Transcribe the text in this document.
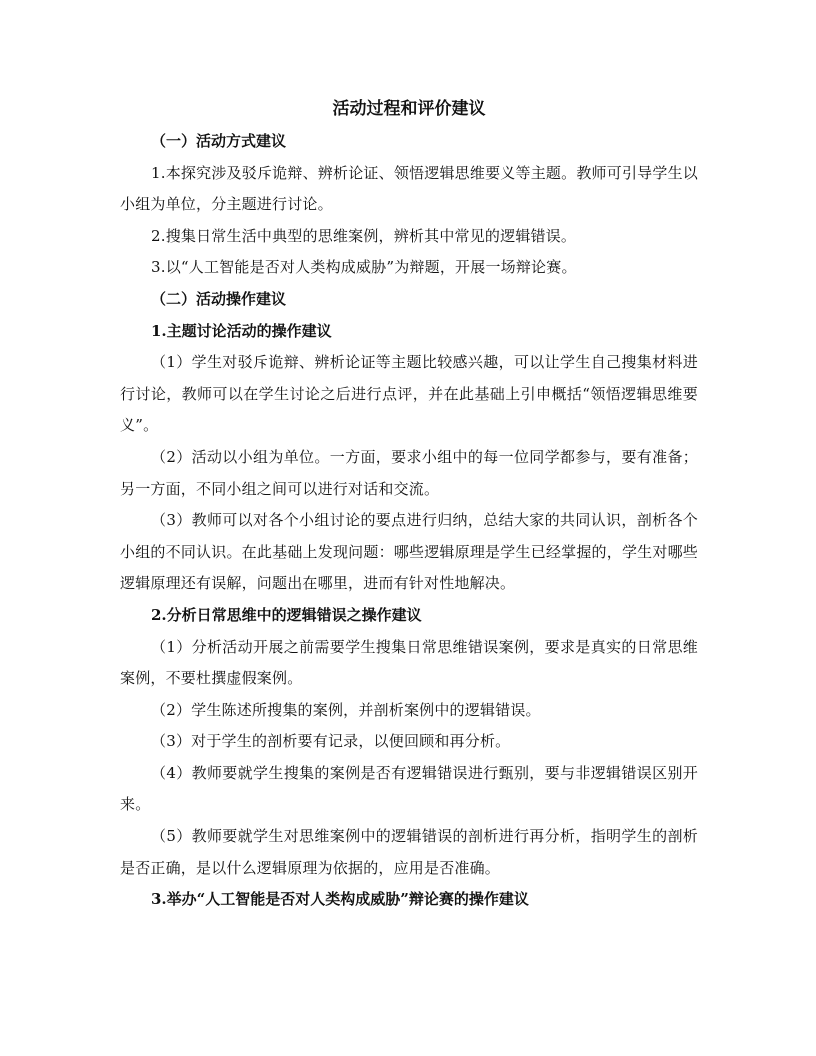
活动过程和评价建议

（一）活动方式建议

1.本探究涉及驳斥诡辩、辨析论证、领悟逻辑思维要义等主题。教师可引导学生以小组为单位，分主题进行讨论。

2.搜集日常生活中典型的思维案例，辨析其中常见的逻辑错误。

3.以“人工智能是否对人类构成威胁”为辩题，开展一场辩论赛。

（二）活动操作建议

1.主题讨论活动的操作建议

（1）学生对驳斥诡辩、辨析论证等主题比较感兴趣，可以让学生自己搜集材料进行讨论，教师可以在学生讨论之后进行点评，并在此基础上引申概括“领悟逻辑思维要义”。

（2）活动以小组为单位。一方面，要求小组中的每一位同学都参与，要有准备；另一方面，不同小组之间可以进行对话和交流。

（3）教师可以对各个小组讨论的要点进行归纳，总结大家的共同认识，剖析各个小组的不同认识。在此基础上发现问题：哪些逻辑原理是学生已经掌握的，学生对哪些逻辑原理还有误解，问题出在哪里，进而有针对性地解决。

2.分析日常思维中的逻辑错误之操作建议

（1）分析活动开展之前需要学生搜集日常思维错误案例，要求是真实的日常思维案例，不要杜撰虚假案例。

（2）学生陈述所搜集的案例，并剖析案例中的逻辑错误。

（3）对于学生的剖析要有记录，以便回顾和再分析。

（4）教师要就学生搜集的案例是否有逻辑错误进行甄别，要与非逻辑错误区别开来。

（5）教师要就学生对思维案例中的逻辑错误的剖析进行再分析，指明学生的剖析是否正确，是以什么逻辑原理为依据的，应用是否准确。

3.举办“人工智能是否对人类构成威胁”辩论赛的操作建议
